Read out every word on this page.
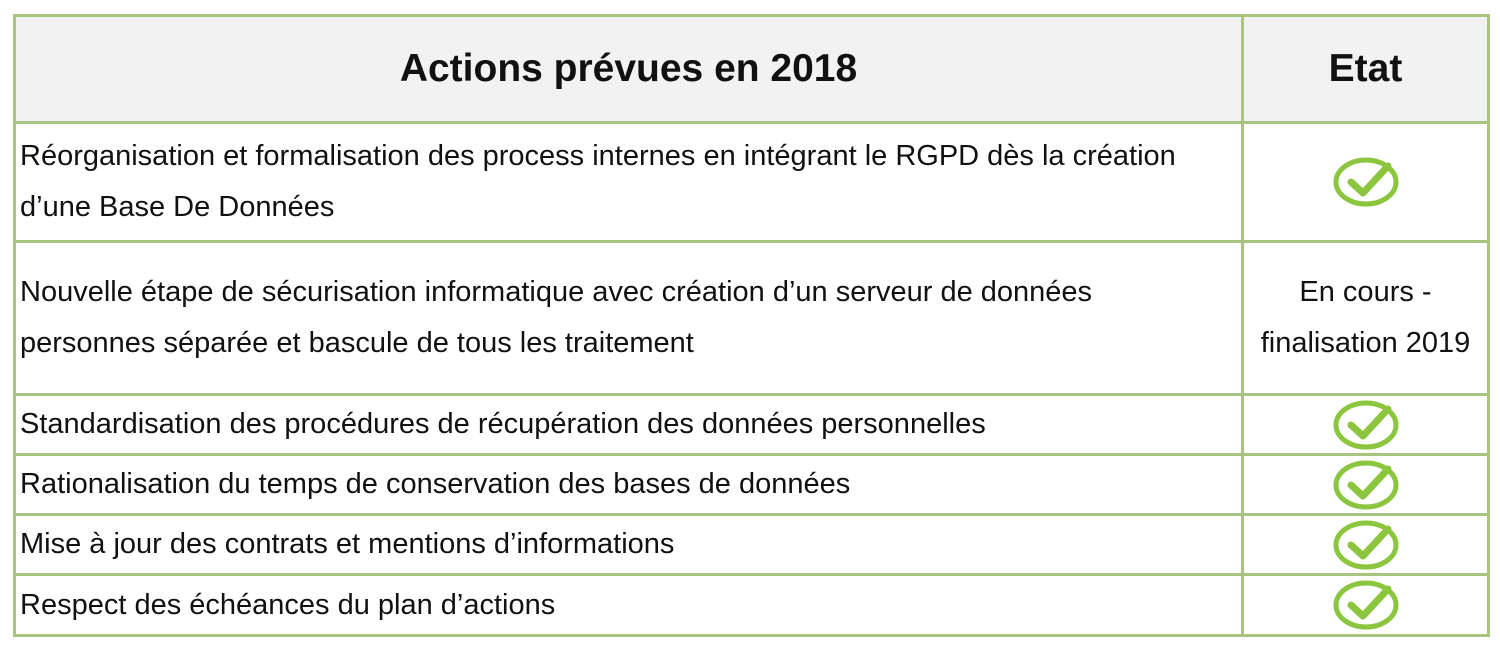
Actions prévues en 2018	Etat
Réorganisation et formalisation des process internes en intégrant le RGPD dès la création d’une Base De Données	

Nouvelle étape de sécurisation informatique avec création d’un serveur de données personnes séparée et bascule de tous les traitement	En cours - finalisation 2019
Standardisation des procédures de récupération des données personnelles	

Rationalisation du temps de conservation des bases de données	

Mise à jour des contrats et mentions d’informations	

Respect des échéances du plan d’actions	
